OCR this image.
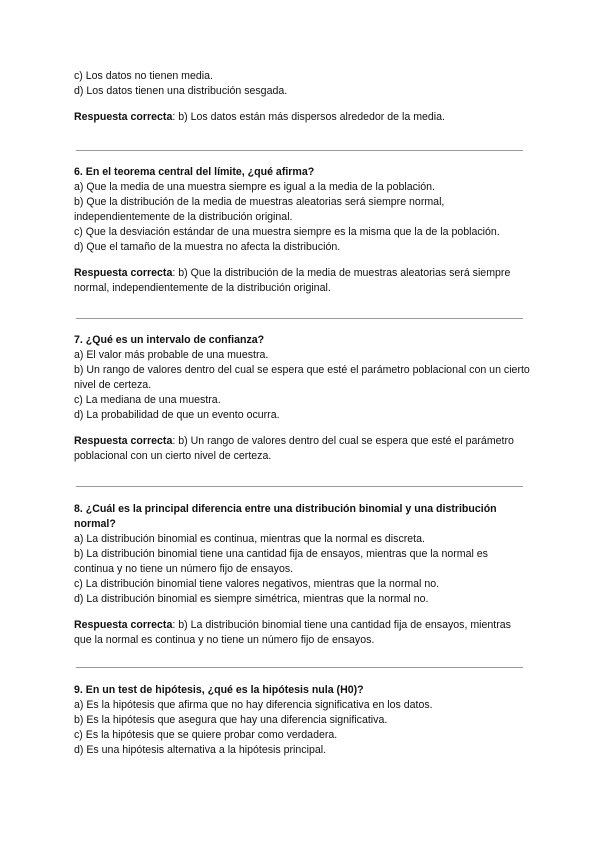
c) Los datos no tienen media.
d) Los datos tienen una distribución sesgada.
Respuesta correcta: b) Los datos están más dispersos alrededor de la media.
6. En el teorema central del límite, ¿qué afirma?
a) Que la media de una muestra siempre es igual a la media de la población.
b) Que la distribución de la media de muestras aleatorias será siempre normal, independientemente de la distribución original.
c) Que la desviación estándar de una muestra siempre es la misma que la de la población.
d) Que el tamaño de la muestra no afecta la distribución.
Respuesta correcta: b) Que la distribución de la media de muestras aleatorias será siempre normal, independientemente de la distribución original.
7. ¿Qué es un intervalo de confianza?
a) El valor más probable de una muestra.
b) Un rango de valores dentro del cual se espera que esté el parámetro poblacional con un cierto nivel de certeza.
c) La mediana de una muestra.
d) La probabilidad de que un evento ocurra.
Respuesta correcta: b) Un rango de valores dentro del cual se espera que esté el parámetro poblacional con un cierto nivel de certeza.
8. ¿Cuál es la principal diferencia entre una distribución binomial y una distribución normal?
a) La distribución binomial es continua, mientras que la normal es discreta.
b) La distribución binomial tiene una cantidad fija de ensayos, mientras que la normal es continua y no tiene un número fijo de ensayos.
c) La distribución binomial tiene valores negativos, mientras que la normal no.
d) La distribución binomial es siempre simétrica, mientras que la normal no.
Respuesta correcta: b) La distribución binomial tiene una cantidad fija de ensayos, mientras que la normal es continua y no tiene un número fijo de ensayos.
9. En un test de hipótesis, ¿qué es la hipótesis nula (H0)?
a) Es la hipótesis que afirma que no hay diferencia significativa en los datos.
b) Es la hipótesis que asegura que hay una diferencia significativa.
c) Es la hipótesis que se quiere probar como verdadera.
d) Es una hipótesis alternativa a la hipótesis principal.
